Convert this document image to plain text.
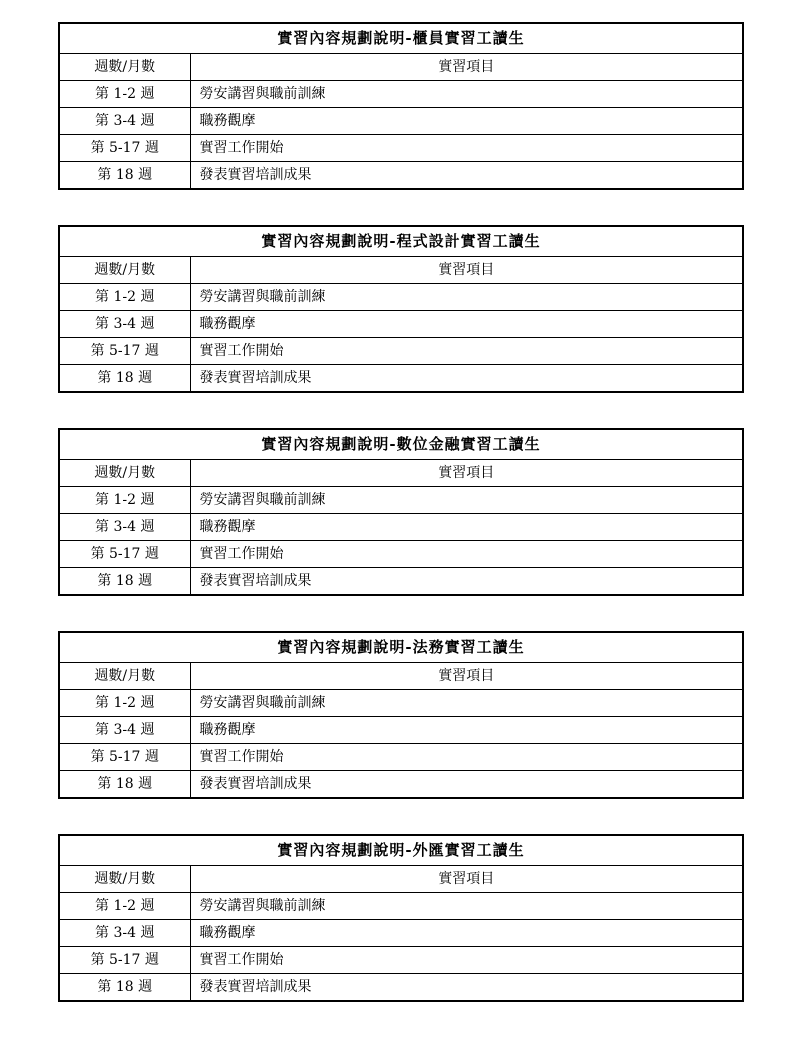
實習內容規劃說明-櫃員實習工讀生	
週數/月數	實習項目
第 1-2 週	勞安講習與職前訓練
第 3-4 週	職務觀摩
第 5-17 週	實習工作開始
第 18 週	發表實習培訓成果
實習內容規劃說明-程式設計實習工讀生	
週數/月數	實習項目
第 1-2 週	勞安講習與職前訓練
第 3-4 週	職務觀摩
第 5-17 週	實習工作開始
第 18 週	發表實習培訓成果
實習內容規劃說明-數位金融實習工讀生	
週數/月數	實習項目
第 1-2 週	勞安講習與職前訓練
第 3-4 週	職務觀摩
第 5-17 週	實習工作開始
第 18 週	發表實習培訓成果
實習內容規劃說明-法務實習工讀生	
週數/月數	實習項目
第 1-2 週	勞安講習與職前訓練
第 3-4 週	職務觀摩
第 5-17 週	實習工作開始
第 18 週	發表實習培訓成果
實習內容規劃說明-外匯實習工讀生	
週數/月數	實習項目
第 1-2 週	勞安講習與職前訓練
第 3-4 週	職務觀摩
第 5-17 週	實習工作開始
第 18 週	發表實習培訓成果
